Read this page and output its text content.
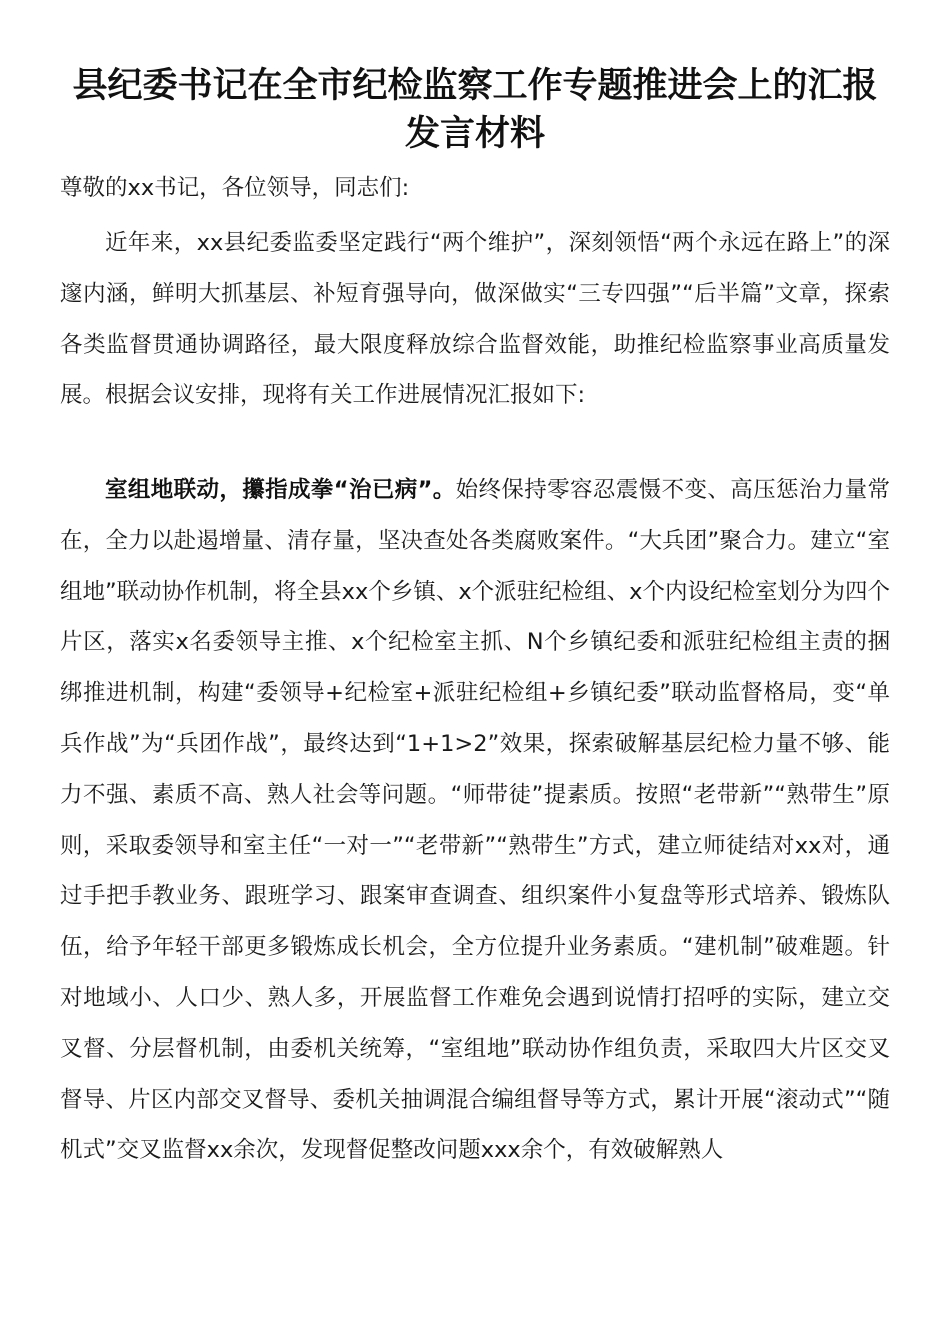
县纪委书记在全市纪检监察工作专题推进会上的汇报
发言材料
尊敬的xx书记，各位领导，同志们:

近年来，xx县纪委监委坚定践行“两个维护”，深刻领悟“两个永远在路上”的深邃内涵，鲜明大抓基层、补短育强导向，做深做实“三专四强”“后半篇”文章，探索各类监督贯通协调路径，最大限度释放综合监督效能，助推纪检监察事业高质量发展。根据会议安排，现将有关工作进展情况汇报如下:

室组地联动，攥指成拳“治已病”。始终保持零容忍震慑不变、高压惩治力量常在，全力以赴遏增量、清存量，坚决查处各类腐败案件。“大兵团”聚合力。建立“室组地”联动协作机制，将全县xx个乡镇、x个派驻纪检组、x个内设纪检室划分为四个片区，落实x名委领导主推、x个纪检室主抓、N个乡镇纪委和派驻纪检组主责的捆绑推进机制，构建“委领导+纪检室+派驻纪检组+乡镇纪委”联动监督格局，变“单兵作战”为“兵团作战”，最终达到“1+1>2”效果，探索破解基层纪检力量不够、能力不强、素质不高、熟人社会等问题。“师带徒”提素质。按照“老带新”“熟带生”原则，采取委领导和室主任“一对一”“老带新”“熟带生”方式，建立师徒结对xx对，通过手把手教业务、跟班学习、跟案审查调查、组织案件小复盘等形式培养、锻炼队伍，给予年轻干部更多锻炼成长机会，全方位提升业务素质。“建机制”破难题。针对地域小、人口少、熟人多，开展监督工作难免会遇到说情打招呼的实际，建立交叉督、分层督机制，由委机关统筹，“室组地”联动协作组负责，采取四大片区交叉督导、片区内部交叉督导、委机关抽调混合编组督导等方式，累计开展“滚动式”“随机式”交叉监督xx余次，发现督促整改问题xxx余个，有效破解熟人
